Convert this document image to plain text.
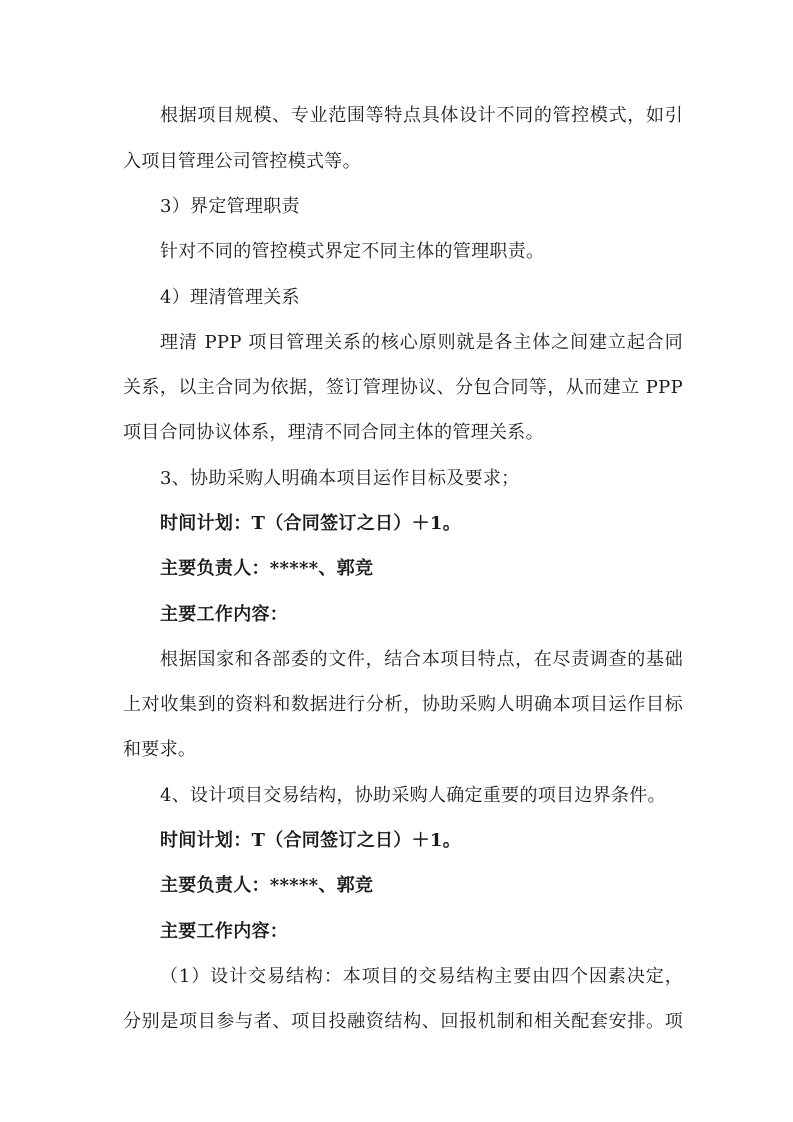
根据项目规模、专业范围等特点具体设计不同的管控模式，如引
入项目管理公司管控模式等。
3）界定管理职责
针对不同的管控模式界定不同主体的管理职责。
4）理清管理关系
理清 PPP 项目管理关系的核心原则就是各主体之间建立起合同
关系，以主合同为依据，签订管理协议、分包合同等，从而建立 PPP
项目合同协议体系，理清不同合同主体的管理关系。
3、协助采购人明确本项目运作目标及要求；
时间计划：T（合同签订之日）＋1。
主要负责人：*****、郭竞
主要工作内容：
根据国家和各部委的文件，结合本项目特点，在尽责调查的基础
上对收集到的资料和数据进行分析，协助采购人明确本项目运作目标
和要求。
4、设计项目交易结构，协助采购人确定重要的项目边界条件。
时间计划：T（合同签订之日）＋1。
主要负责人：*****、郭竞
主要工作内容：
（1）设计交易结构：本项目的交易结构主要由四个因素决定，
分别是项目参与者、项目投融资结构、回报机制和相关配套安排。项
